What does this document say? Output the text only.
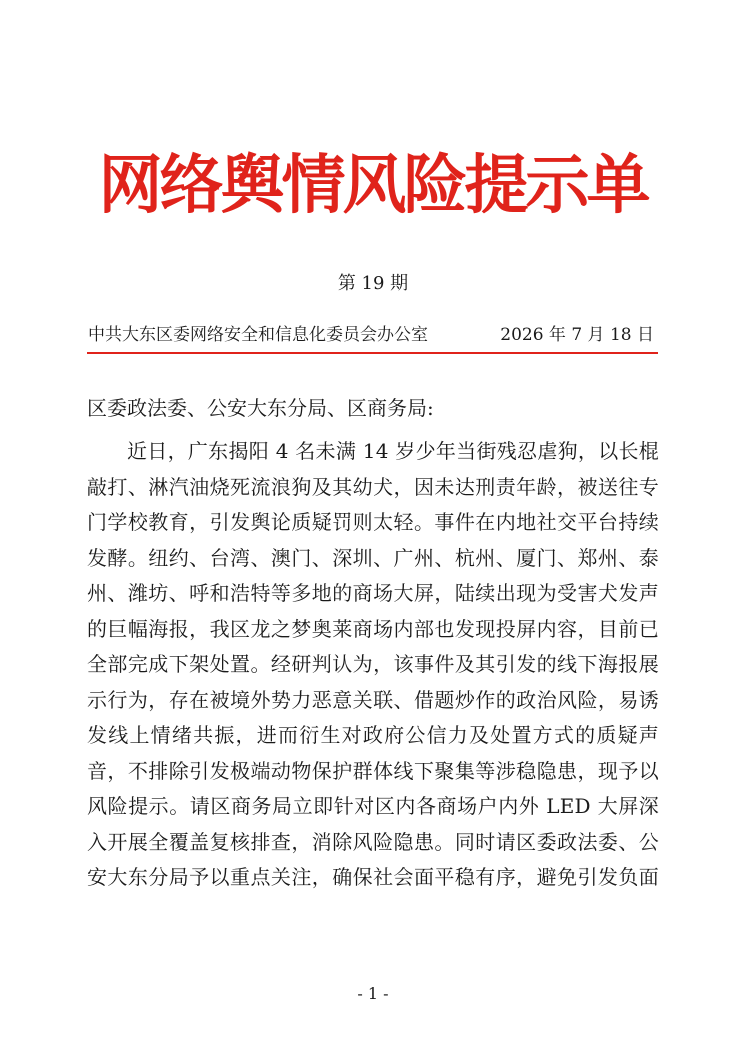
网络舆情风险提示单
第 19 期
中共大东区委网络安全和信息化委员会办公室	2026 年 7 月 18 日
区委政法委、公安大东分局、区商务局:
近日，广东揭阳 4 名未满 14 岁少年当街残忍虐狗，以长棍
敲打、淋汽油烧死流浪狗及其幼犬，因未达刑责年龄，被送往专
门学校教育，引发舆论质疑罚则太轻。事件在内地社交平台持续
发酵。纽约、台湾、澳门、深圳、广州、杭州、厦门、郑州、泰
州、潍坊、呼和浩特等多地的商场大屏，陆续出现为受害犬发声
的巨幅海报，我区龙之梦奥莱商场内部也发现投屏内容，目前已
全部完成下架处置。经研判认为，该事件及其引发的线下海报展
示行为，存在被境外势力恶意关联、借题炒作的政治风险，易诱
发线上情绪共振，进而衍生对政府公信力及处置方式的质疑声
音，不排除引发极端动物保护群体线下聚集等涉稳隐患，现予以
风险提示。请区商务局立即针对区内各商场户内外 LED 大屏深
入开展全覆盖复核排查，消除风险隐患。同时请区委政法委、公
安大东分局予以重点关注，确保社会面平稳有序，避免引发负面
- 1 -
